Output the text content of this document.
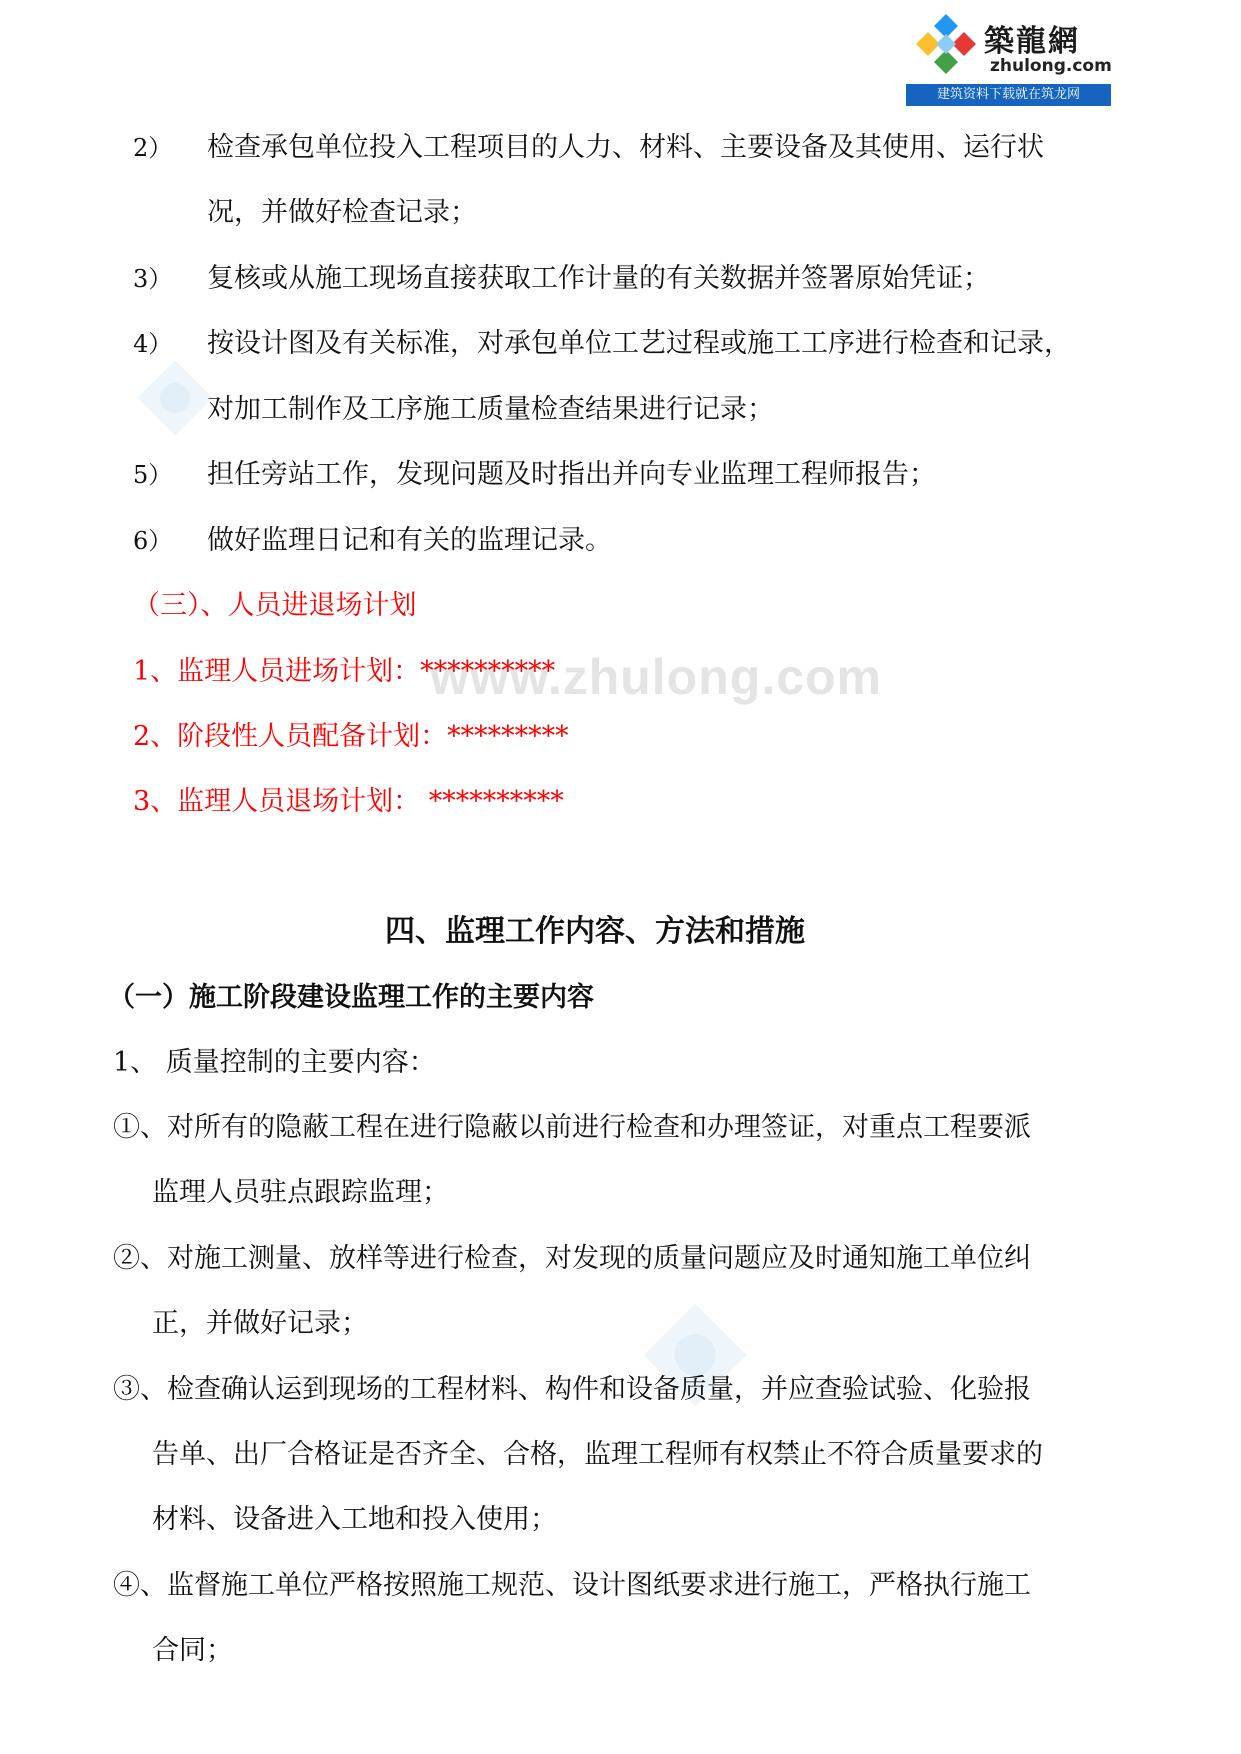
築龍網
zhulong.com
建筑资料下载就在筑龙网
www.zhulong.com
2） 检查承包单位投入工程项目的人力、材料、主要设备及其使用、运行状
况，并做好检查记录；
3） 复核或从施工现场直接获取工作计量的有关数据并签署原始凭证；
4） 按设计图及有关标准，对承包单位工艺过程或施工工序进行检查和记录，
对加工制作及工序施工质量检查结果进行记录；
5） 担任旁站工作，发现问题及时指出并向专业监理工程师报告；
6） 做好监理日记和有关的监理记录。
（三）、人员进退场计划
1、监理人员进场计划：**********
2、阶段性人员配备计划：*********
3、监理人员退场计划： **********
四、监理工作内容、方法和措施
（一）施工阶段建设监理工作的主要内容
1、 质量控制的主要内容：
①、对所有的隐蔽工程在进行隐蔽以前进行检查和办理签证，对重点工程要派
监理人员驻点跟踪监理；
②、对施工测量、放样等进行检查，对发现的质量问题应及时通知施工单位纠
正，并做好记录；
③、检查确认运到现场的工程材料、构件和设备质量，并应查验试验、化验报
告单、出厂合格证是否齐全、合格，监理工程师有权禁止不符合质量要求的
材料、设备进入工地和投入使用；
④、监督施工单位严格按照施工规范、设计图纸要求进行施工，严格执行施工
合同；
